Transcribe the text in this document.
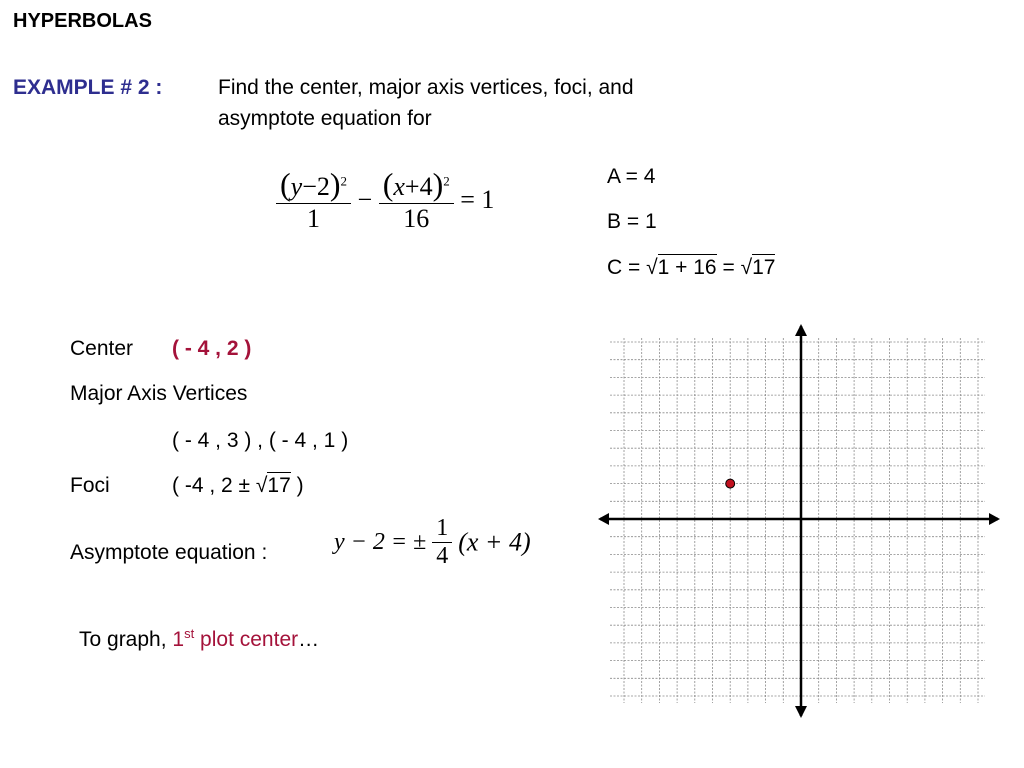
HYPERBOLAS
EXAMPLE # 2 :	Find the center, major axis vertices, foci, and
asymptote equation for
$\frac{(y-2)^2}{1} - \frac{(x+4)^2}{16} = 1$
A = 4
B = 1
C = √1 + 16 = √17
Center ( - 4 , 2 )
Major Axis Vertices
( - 4 , 3 ) , ( - 4 , 1 )
Foci	( -4 , 2 ± √17 )
Asymptote equation :	y − 2 = ± $\frac{1}{4} (x + 4)$
To graph, 1st plot center…
